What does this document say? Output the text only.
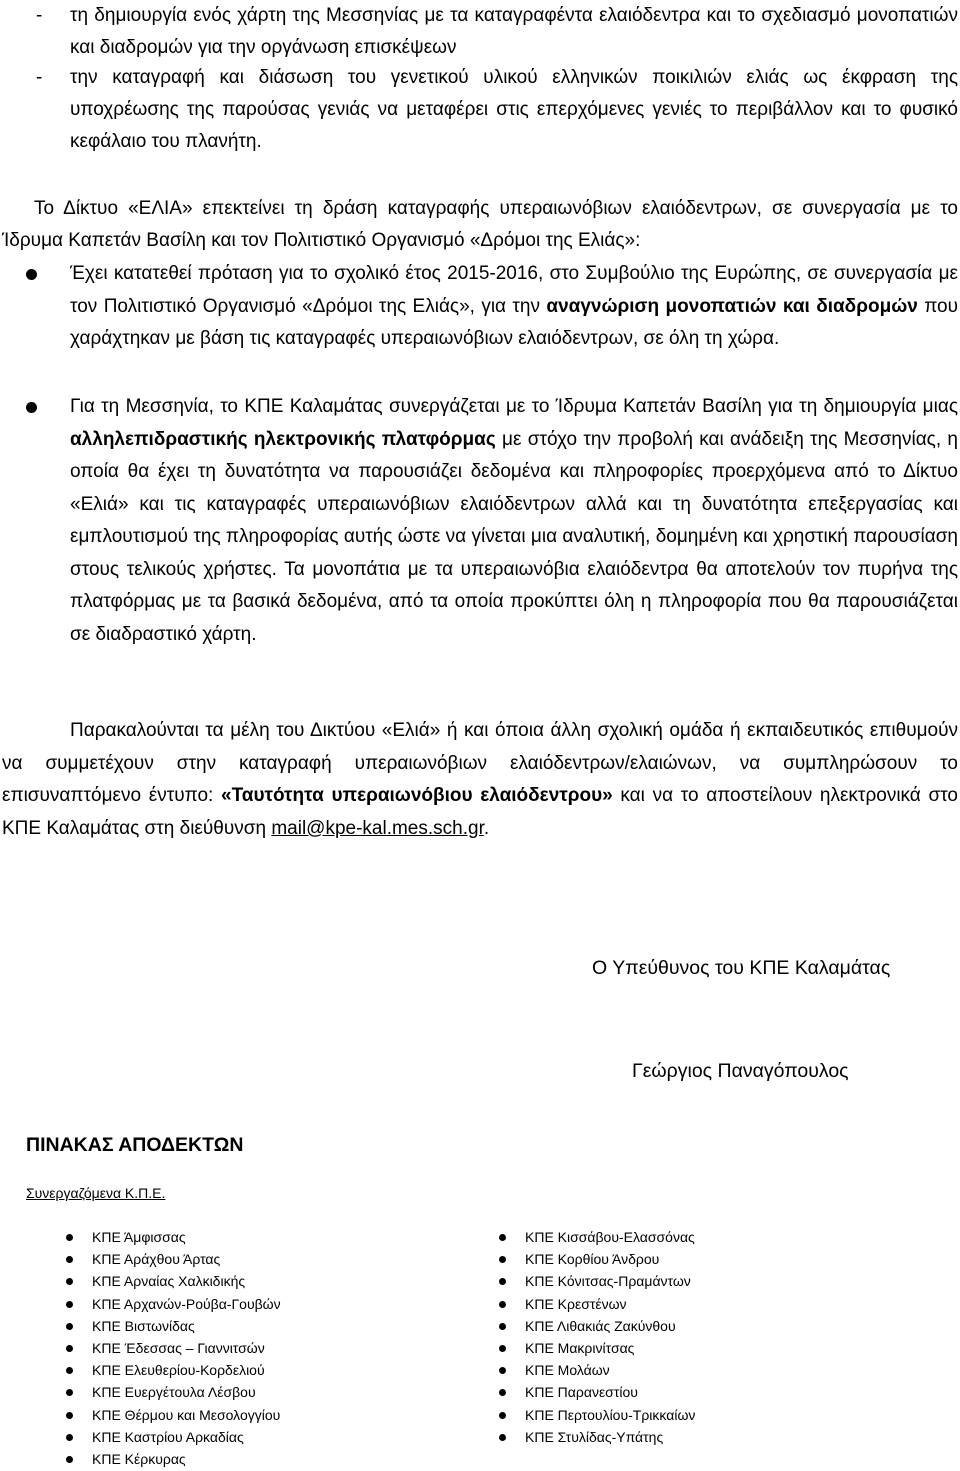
- τη δημιουργία ενός χάρτη της Μεσσηνίας με τα καταγραφέντα ελαιόδεντρα και το σχεδιασμό μονοπατιών και διαδρομών για την οργάνωση επισκέψεων
- την καταγραφή και διάσωση του γενετικού υλικού ελληνικών ποικιλιών ελιάς ως έκφραση της υποχρέωσης της παρούσας γενιάς να μεταφέρει στις επερχόμενες γενιές το περιβάλλον και το φυσικό κεφάλαιο του πλανήτη.
Το Δίκτυο «ΕΛΙΑ» επεκτείνει τη δράση καταγραφής υπεραιωνόβιων ελαιόδεντρων, σε συνεργασία με το Ίδρυμα Καπετάν Βασίλη και τον Πολιτιστικό Οργανισμό «Δρόμοι της Ελιάς»:
Έχει κατατεθεί πρόταση για το σχολικό έτος 2015-2016, στο Συμβούλιο της Ευρώπης, σε συνεργασία με τον Πολιτιστικό Οργανισμό «Δρόμοι της Ελιάς», για την αναγνώριση μονοπατιών και διαδρομών που χαράχτηκαν με βάση τις καταγραφές υπεραιωνόβιων ελαιόδεντρων, σε όλη τη χώρα.
Για τη Μεσσηνία, το ΚΠΕ Καλαμάτας συνεργάζεται με το Ίδρυμα Καπετάν Βασίλη για τη δημιουργία μιας αλληλεπιδραστικής ηλεκτρονικής πλατφόρμας με στόχο την προβολή και ανάδειξη της Μεσσηνίας, η οποία θα έχει τη δυνατότητα να παρουσιάζει δεδομένα και πληροφορίες προερχόμενα από το Δίκτυο «Ελιά» και τις καταγραφές υπεραιωνόβιων ελαιόδεντρων αλλά και τη δυνατότητα επεξεργασίας και εμπλουτισμού της πληροφορίας αυτής ώστε να γίνεται μια αναλυτική, δομημένη και χρηστική παρουσίαση στους τελικούς χρήστες. Τα μονοπάτια με τα υπεραιωνόβια ελαιόδεντρα θα αποτελούν τον πυρήνα της πλατφόρμας με τα βασικά δεδομένα, από τα οποία προκύπτει όλη η πληροφορία που θα παρουσιάζεται σε διαδραστικό χάρτη.
Παρακαλούνται τα μέλη του Δικτύου «Ελιά» ή και όποια άλλη σχολική ομάδα ή εκπαιδευτικός επιθυμούν να συμμετέχουν στην καταγραφή υπεραιωνόβιων ελαιόδεντρων/ελαιώνων, να συμπληρώσουν το επισυναπτόμενο έντυπο: «Ταυτότητα υπεραιωνόβιου ελαιόδεντρου» και να το αποστείλουν ηλεκτρονικά στο ΚΠΕ Καλαμάτας στη διεύθυνση mail@kpe-kal.mes.sch.gr.
Ο Υπεύθυνος του ΚΠΕ Καλαμάτας
Γεώργιος Παναγόπουλος
ΠΙΝΑΚΑΣ ΑΠΟΔΕΚΤΩΝ
Συνεργαζόμενα Κ.Π.Ε.
ΚΠΕ Άμφισσας
ΚΠΕ Αράχθου Άρτας
ΚΠΕ Αρναίας Χαλκιδικής
ΚΠΕ Αρχανών-Ρούβα-Γουβών
ΚΠΕ Βιστωνίδας
ΚΠΕ Έδεσσας – Γιαννιτσών
ΚΠΕ Ελευθερίου-Κορδελιού
ΚΠΕ Ευεργέτουλα Λέσβου
ΚΠΕ Θέρμου και Μεσολογγίου
ΚΠΕ Καστρίου Αρκαδίας
ΚΠΕ Κέρκυρας
ΚΠΕ Κισσάβου-Ελασσόνας
ΚΠΕ Κορθίου Άνδρου
ΚΠΕ Κόνιτσας-Πραμάντων
ΚΠΕ Κρεστένων
ΚΠΕ Λιθακιάς Ζακύνθου
ΚΠΕ Μακρινίτσας
ΚΠΕ Μολάων
ΚΠΕ Παρανεστίου
ΚΠΕ Περτουλίου-Τρικκαίων
ΚΠΕ Στυλίδας-Υπάτης
